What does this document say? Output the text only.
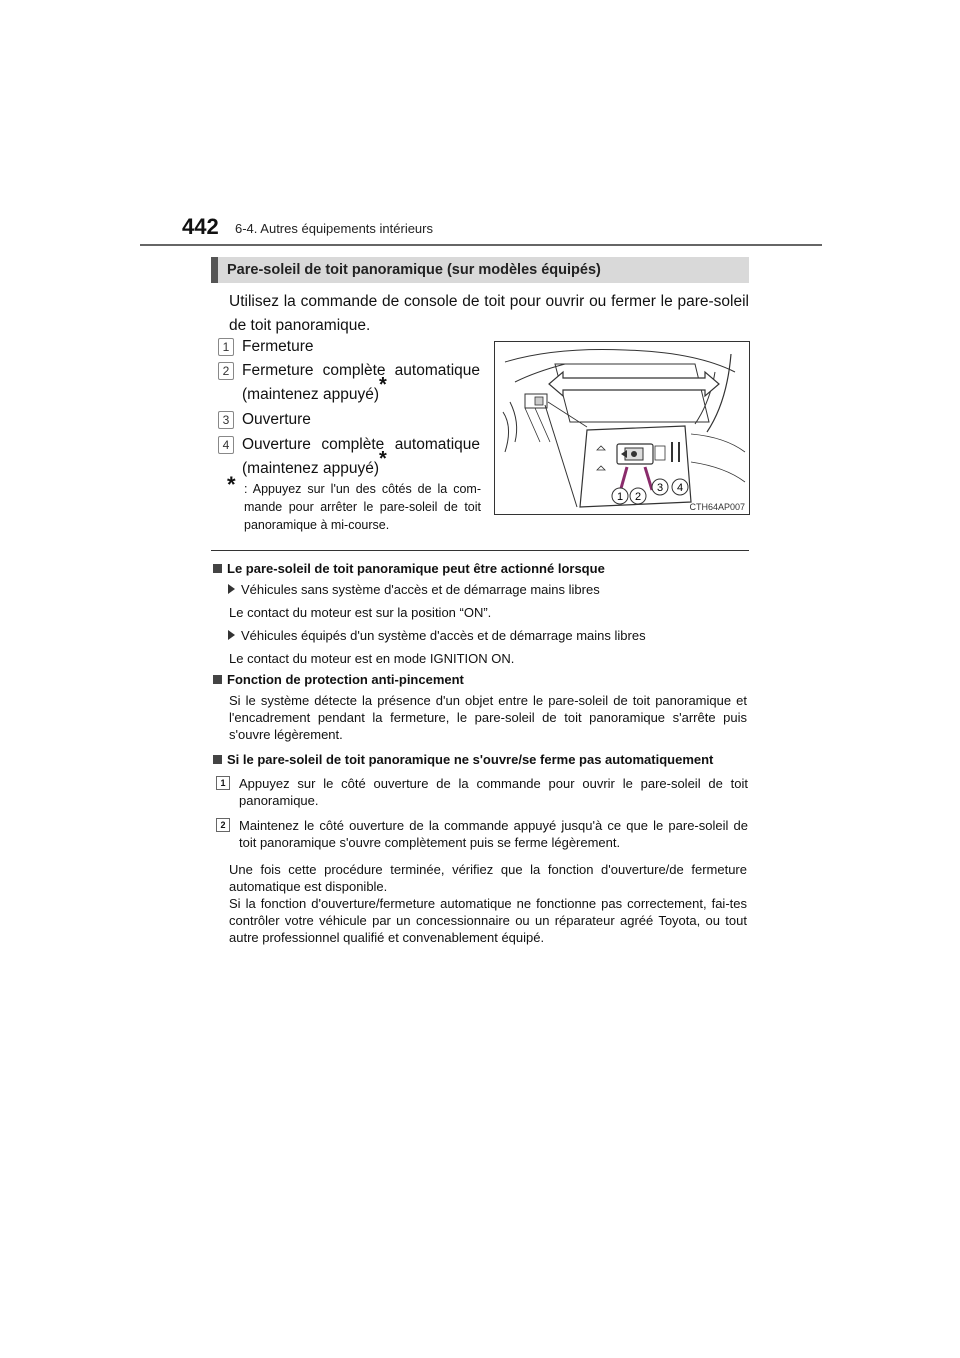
442 6-4. Autres équipements intérieurs
Pare-soleil de toit panoramique (sur modèles équipés)
Utilisez la commande de console de toit pour ouvrir ou fermer le pare-soleil de toit panoramique.
1 Fermeture
2 Fermeture complète automatique (maintenez appuyé)*
3 Ouverture
4 Ouverture complète automatique (maintenez appuyé)*
* : Appuyez sur l'un des côtés de la com-mande pour arrêter le pare-soleil de toit panoramique à mi-course.
1 2
3 4
CTH64AP007
Le pare-soleil de toit panoramique peut être actionné lorsque
Véhicules sans système d'accès et de démarrage mains libres
Le contact du moteur est sur la position “ON”.
Véhicules équipés d'un système d'accès et de démarrage mains libres
Le contact du moteur est en mode IGNITION ON.
Fonction de protection anti-pincement
Si le système détecte la présence d'un objet entre le pare-soleil de toit panoramique et l'encadrement pendant la fermeture, le pare-soleil de toit panoramique s'arrête puis s'ouvre légèrement.
Si le pare-soleil de toit panoramique ne s'ouvre/se ferme pas automatiquement
1	Appuyez sur le côté ouverture de la commande pour ouvrir le pare-soleil de toit panoramique.
2	Maintenez le côté ouverture de la commande appuyé jusqu'à ce que le pare-soleil de toit panoramique s'ouvre complètement puis se ferme légèrement.
Une fois cette procédure terminée, vérifiez que la fonction d'ouverture/de fermeture automatique est disponible.
Si la fonction d'ouverture/fermeture automatique ne fonctionne pas correctement, fai-tes contrôler votre véhicule par un concessionnaire ou un réparateur agréé Toyota, ou tout autre professionnel qualifié et convenablement équipé.
